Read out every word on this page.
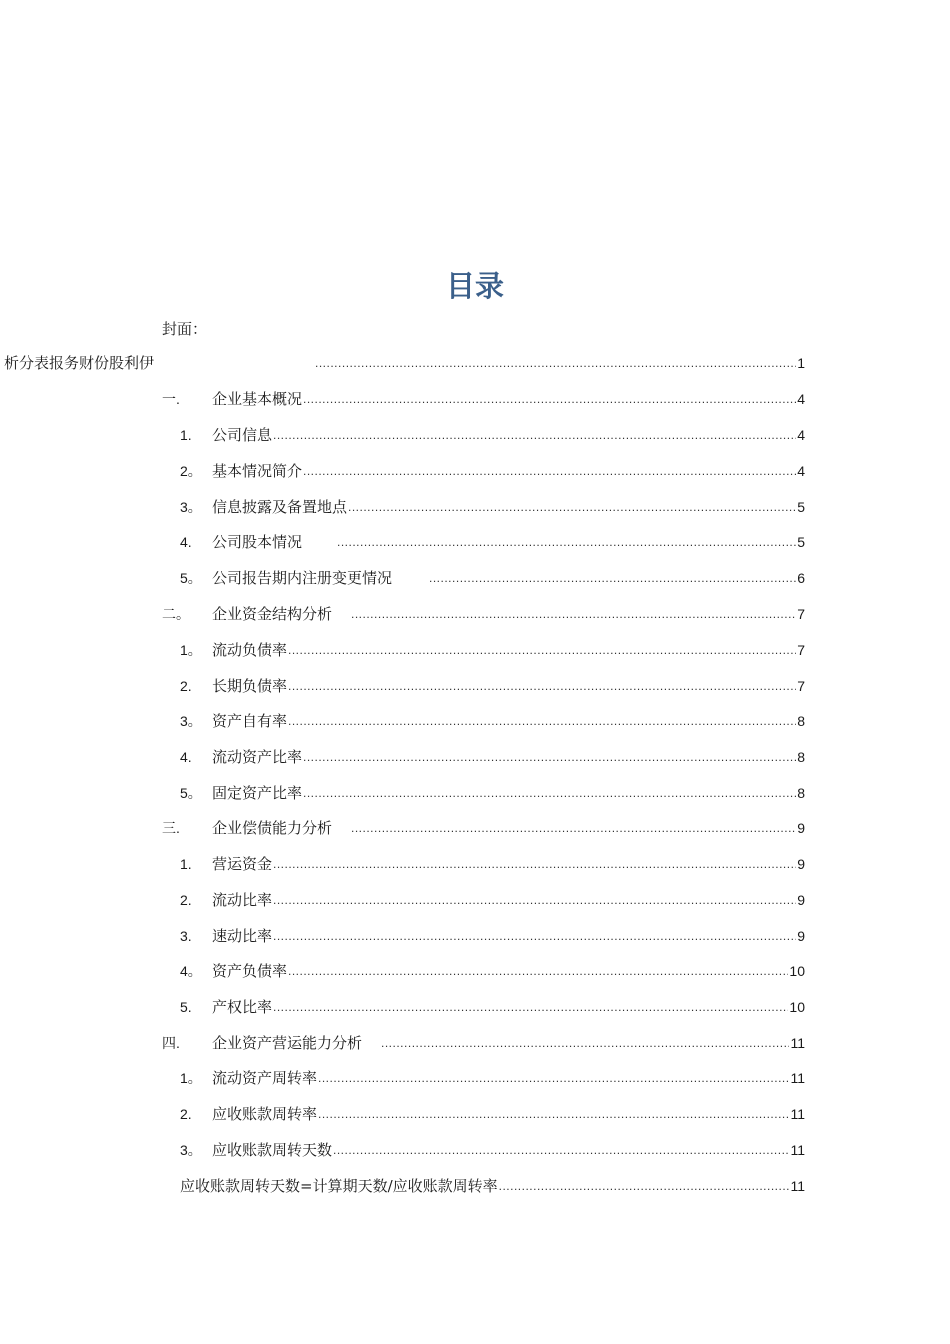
目录
封面：
析分表报务财份股利伊 .....	1
一.	企业基本概况 .....	4
1.	公司信息 .....	4
2。 基本情况简介 .....	4
3。 信息披露及备置地点 .....	5
4.	公司股本情况 .....	5
5。 公司报告期内注册变更情况 .....	6
二。	企业资金结构分析 .....	7
1。 流动负债率 .....	7
2.	长期负债率 .....	7
3。 资产自有率 .....	8
4.	流动资产比率 .....	8
5。 固定资产比率 .....	8
三.	企业偿债能力分析 .....	9
1.	营运资金 .....	9
2.	流动比率 .....	9
3.	速动比率 .....	9
4。 资产负债率 .....	10
5.	产权比率 .....	10
四.	企业资产营运能力分析 .....	11
1。 流动资产周转率 .....	11
2.	应收账款周转率 .....	11
3。 应收账款周转天数 .....	11
应收账款周转天数=计算期天数/应收账款周转率 .....	11
